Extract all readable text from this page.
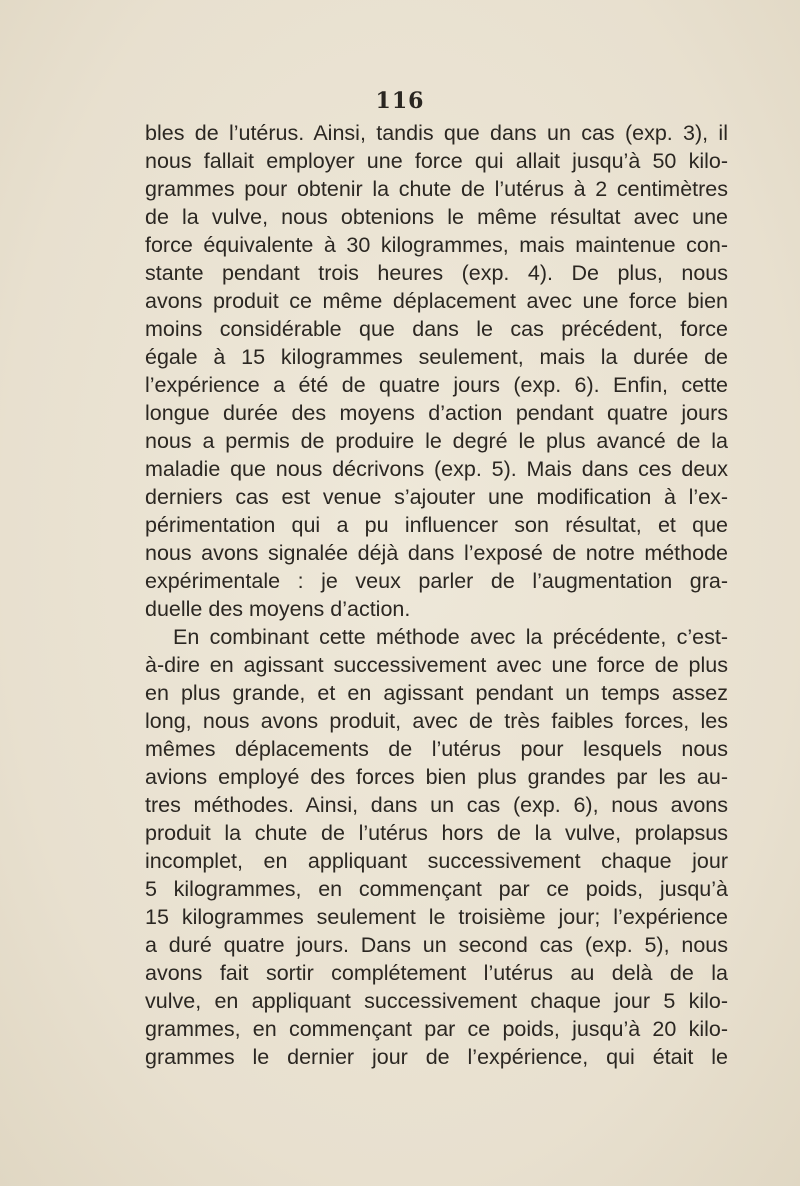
116
bles de l’utérus. Ainsi, tandis que dans un cas (exp. 3), il
nous fallait employer une force qui allait jusqu’à 50 kilo-
grammes pour obtenir la chute de l’utérus à 2 centimètres
de la vulve, nous obtenions le même résultat avec une
force équivalente à 30 kilogrammes, mais maintenue con-
stante pendant trois heures (exp. 4). De plus, nous
avons produit ce même déplacement avec une force bien
moins considérable que dans le cas précédent, force
égale à 15 kilogrammes seulement, mais la durée de
l’expérience a été de quatre jours (exp. 6). Enfin, cette
longue durée des moyens d’action pendant quatre jours
nous a permis de produire le degré le plus avancé de la
maladie que nous décrivons (exp. 5). Mais dans ces deux
derniers cas est venue s’ajouter une modification à l’ex-
périmentation qui a pu influencer son résultat, et que
nous avons signalée déjà dans l’exposé de notre méthode
expérimentale : je veux parler de l’augmentation gra-
duelle des moyens d’action.
En combinant cette méthode avec la précédente, c’est-
à-dire en agissant successivement avec une force de plus
en plus grande, et en agissant pendant un temps assez
long, nous avons produit, avec de très faibles forces, les
mêmes déplacements de l’utérus pour lesquels nous
avions employé des forces bien plus grandes par les au-
tres méthodes. Ainsi, dans un cas (exp. 6), nous avons
produit la chute de l’utérus hors de la vulve, prolapsus
incomplet, en appliquant successivement chaque jour
5 kilogrammes, en commençant par ce poids, jusqu’à
15 kilogrammes seulement le troisième jour; l’expérience
a duré quatre jours. Dans un second cas (exp. 5), nous
avons fait sortir complétement l’utérus au delà de la
vulve, en appliquant successivement chaque jour 5 kilo-
grammes, en commençant par ce poids, jusqu’à 20 kilo-
grammes le dernier jour de l’expérience, qui était le
